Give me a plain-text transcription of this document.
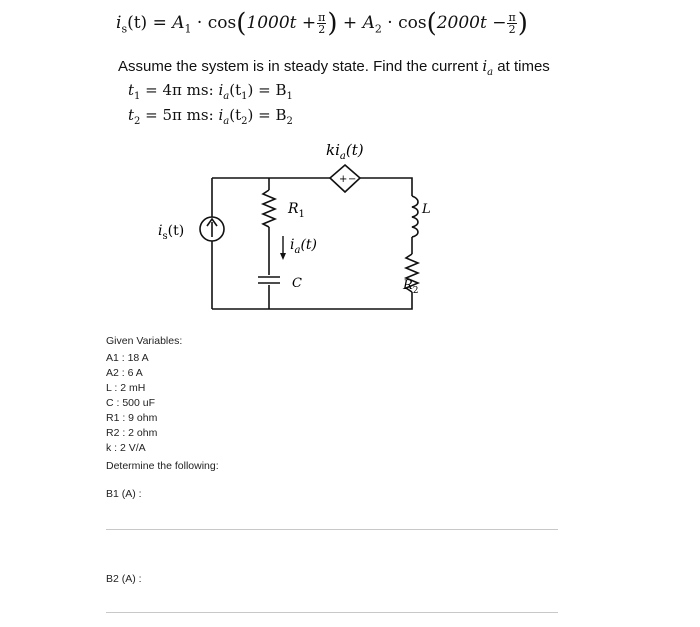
$i_s(t) = A_1 \cdot \cos(1000t + \frac{\pi}{2}$ ) + $A_2 \cdot \cos(2000t - \frac{\pi}{2}$ )
Assume the system is in steady state. Find the current $i_a$ at times
$t_1 = 4\pi$ ms: $i_a(t_1) = B_1$
$t_2 = 5\pi$ ms: $i_a(t_2) = B_2$
+ −
$ki_a(t)$
$i_s(t)$
$R_1$
$i_a(t)$
C
L
$R_2$
Given Variables:
A1 : 18 A
A2 : 6 A
L : 2 mH
C : 500 uF
R1 : 9 ohm
R2 : 2 ohm
k : 2 V/A
Determine the following:
B1 (A) :
B2 (A) :
